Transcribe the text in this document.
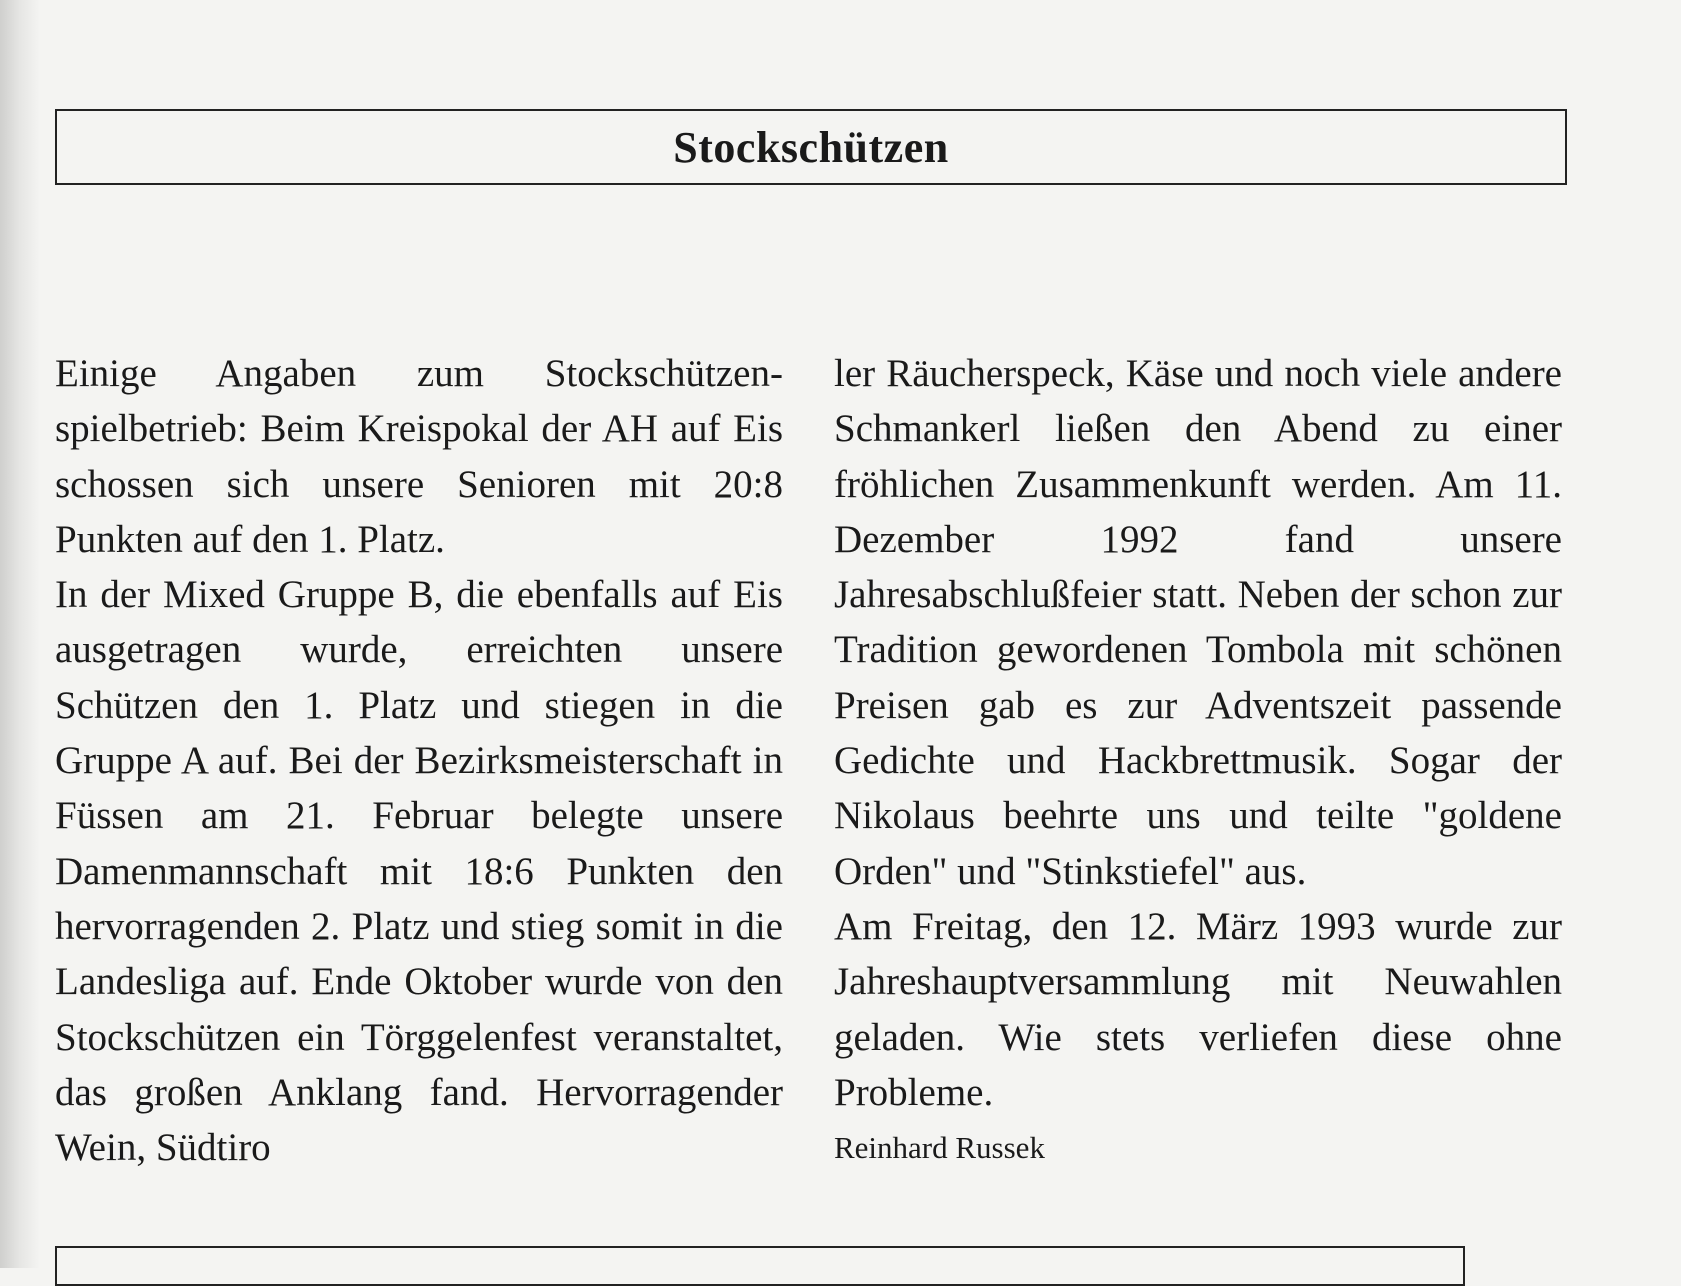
Stockschützen

Einige Angaben zum Stockschützenspielbetrieb: Beim Kreispokal der AH auf Eis schossen sich unsere Senioren mit 20:8 Punkten auf den 1. Platz.

In der Mixed Gruppe B, die ebenfalls auf Eis ausgetragen wurde, erreichten unsere Schützen den 1. Platz und stiegen in die Gruppe A auf. Bei der Bezirksmeisterschaft in Füssen am 21. Februar belegte unsere Damenmannschaft mit 18:6 Punkten den hervorragenden 2. Platz und stieg somit in die Landesliga auf. Ende Oktober wurde von den Stockschützen ein Törggelenfest veranstaltet, das großen Anklang fand. Hervorragender Wein, Südtiro

ler Räucherspeck, Käse und noch viele andere Schmankerl ließen den Abend zu einer fröhlichen Zusammenkunft werden. Am 11. Dezember 1992 fand unsere Jahresabschlußfeier statt. Neben der schon zur Tradition gewordenen Tombola mit schönen Preisen gab es zur Adventszeit passende Gedichte und Hackbrettmusik. Sogar der Nikolaus beehrte uns und teilte "goldene Orden" und "Stinkstiefel" aus.

Am Freitag, den 12. März 1993 wurde zur Jahreshauptversammlung mit Neuwahlen geladen. Wie stets verliefen diese ohne Probleme.

Reinhard Russek
